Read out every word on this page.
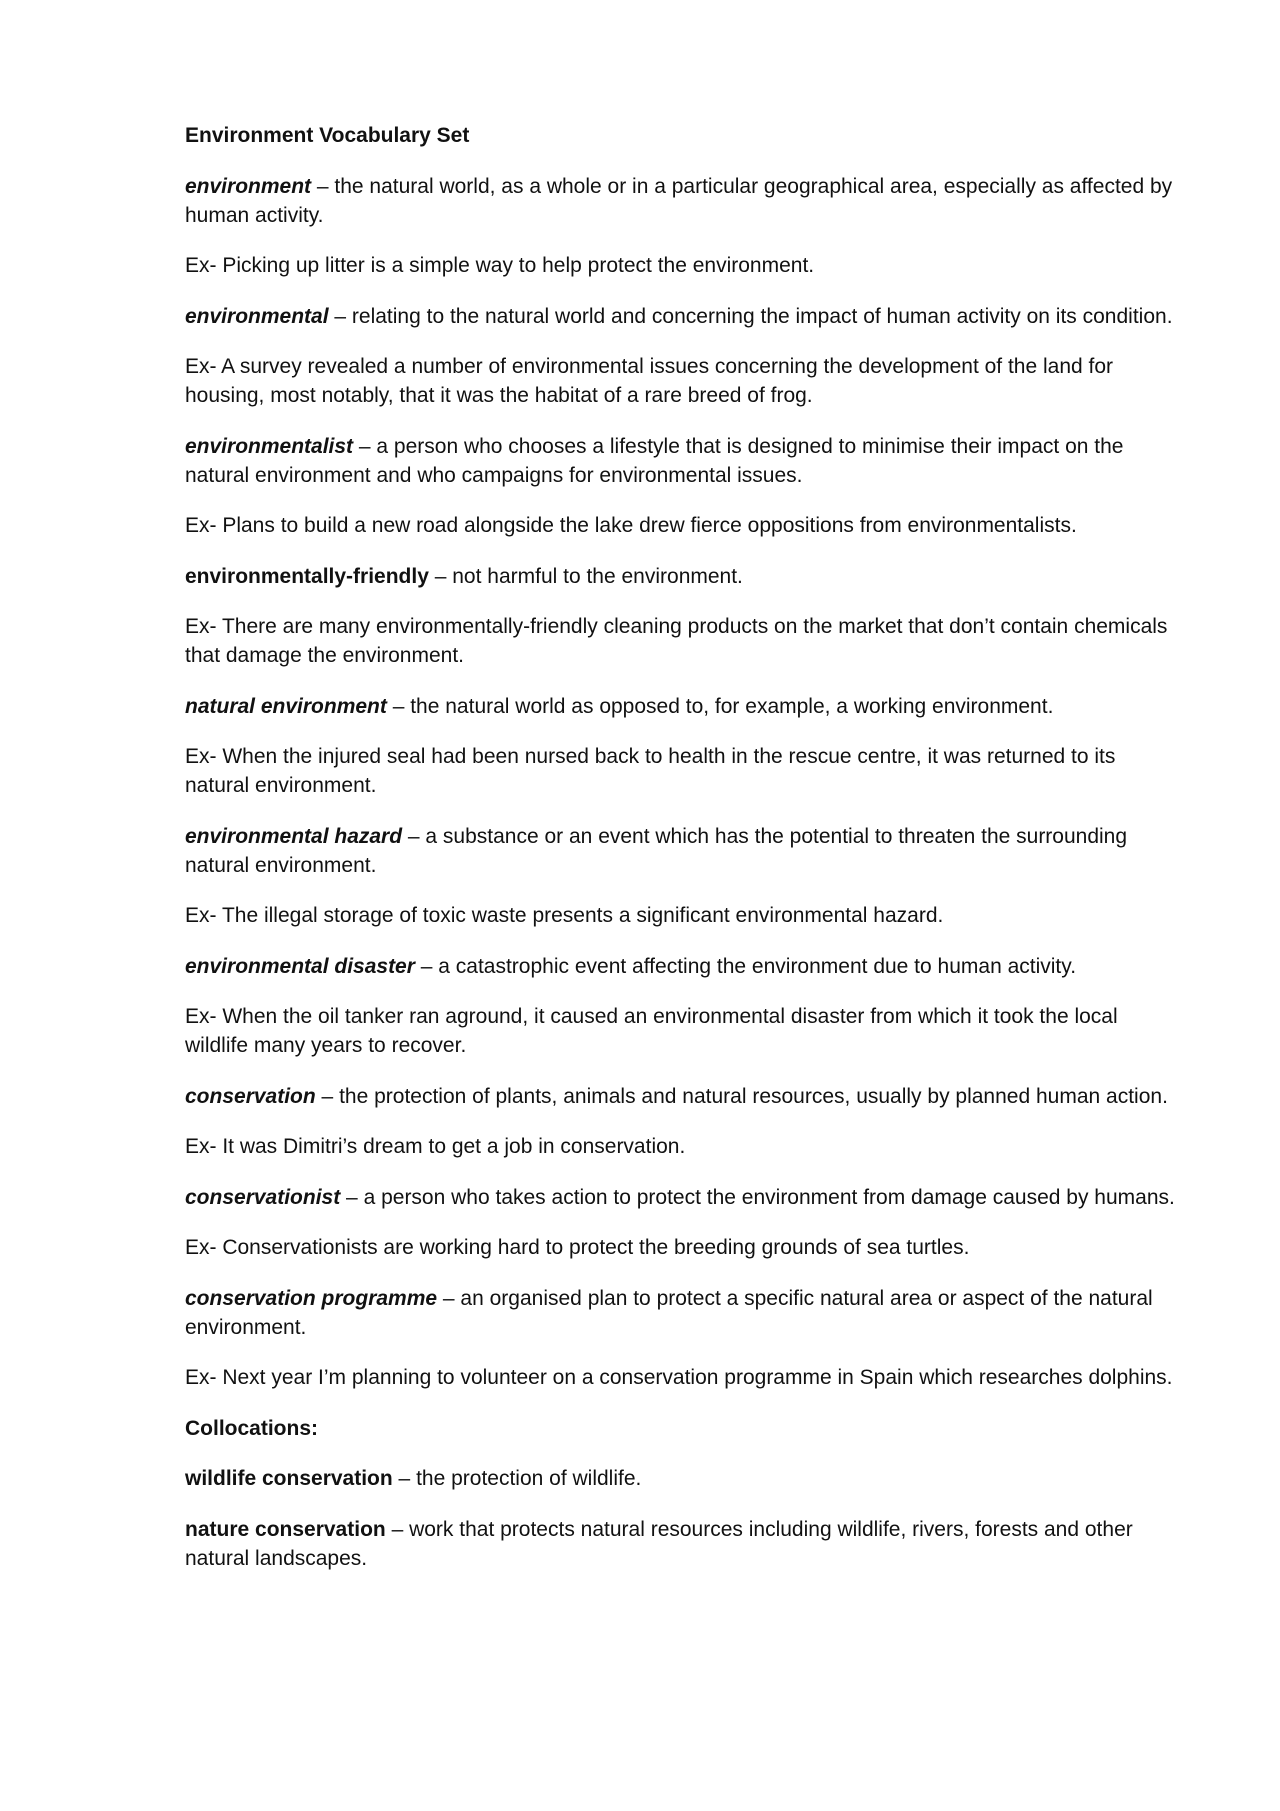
Environment Vocabulary Set

environment – the natural world, as a whole or in a particular geographical area, especially as affected by human activity.

Ex- Picking up litter is a simple way to help protect the environment.

environmental – relating to the natural world and concerning the impact of human activity on its condition.

Ex- A survey revealed a number of environmental issues concerning the development of the land for housing, most notably, that it was the habitat of a rare breed of frog.

environmentalist – a person who chooses a lifestyle that is designed to minimise their impact on the natural environment and who campaigns for environmental issues.

Ex- Plans to build a new road alongside the lake drew fierce oppositions from environmentalists.

environmentally-friendly – not harmful to the environment.

Ex- There are many environmentally-friendly cleaning products on the market that don’t contain chemicals that damage the environment.

natural environment – the natural world as opposed to, for example, a working environment.

Ex- When the injured seal had been nursed back to health in the rescue centre, it was returned to its natural environment.

environmental hazard – a substance or an event which has the potential to threaten the surrounding natural environment.

Ex- The illegal storage of toxic waste presents a significant environmental hazard.

environmental disaster – a catastrophic event affecting the environment due to human activity.

Ex- When the oil tanker ran aground, it caused an environmental disaster from which it took the local wildlife many years to recover.

conservation – the protection of plants, animals and natural resources, usually by planned human action.

Ex- It was Dimitri’s dream to get a job in conservation.

conservationist – a person who takes action to protect the environment from damage caused by humans.

Ex- Conservationists are working hard to protect the breeding grounds of sea turtles.

conservation programme – an organised plan to protect a specific natural area or aspect of the natural environment.

Ex- Next year I’m planning to volunteer on a conservation programme in Spain which researches dolphins.

Collocations:

wildlife conservation – the protection of wildlife.

nature conservation – work that protects natural resources including wildlife, rivers, forests and other natural landscapes.
